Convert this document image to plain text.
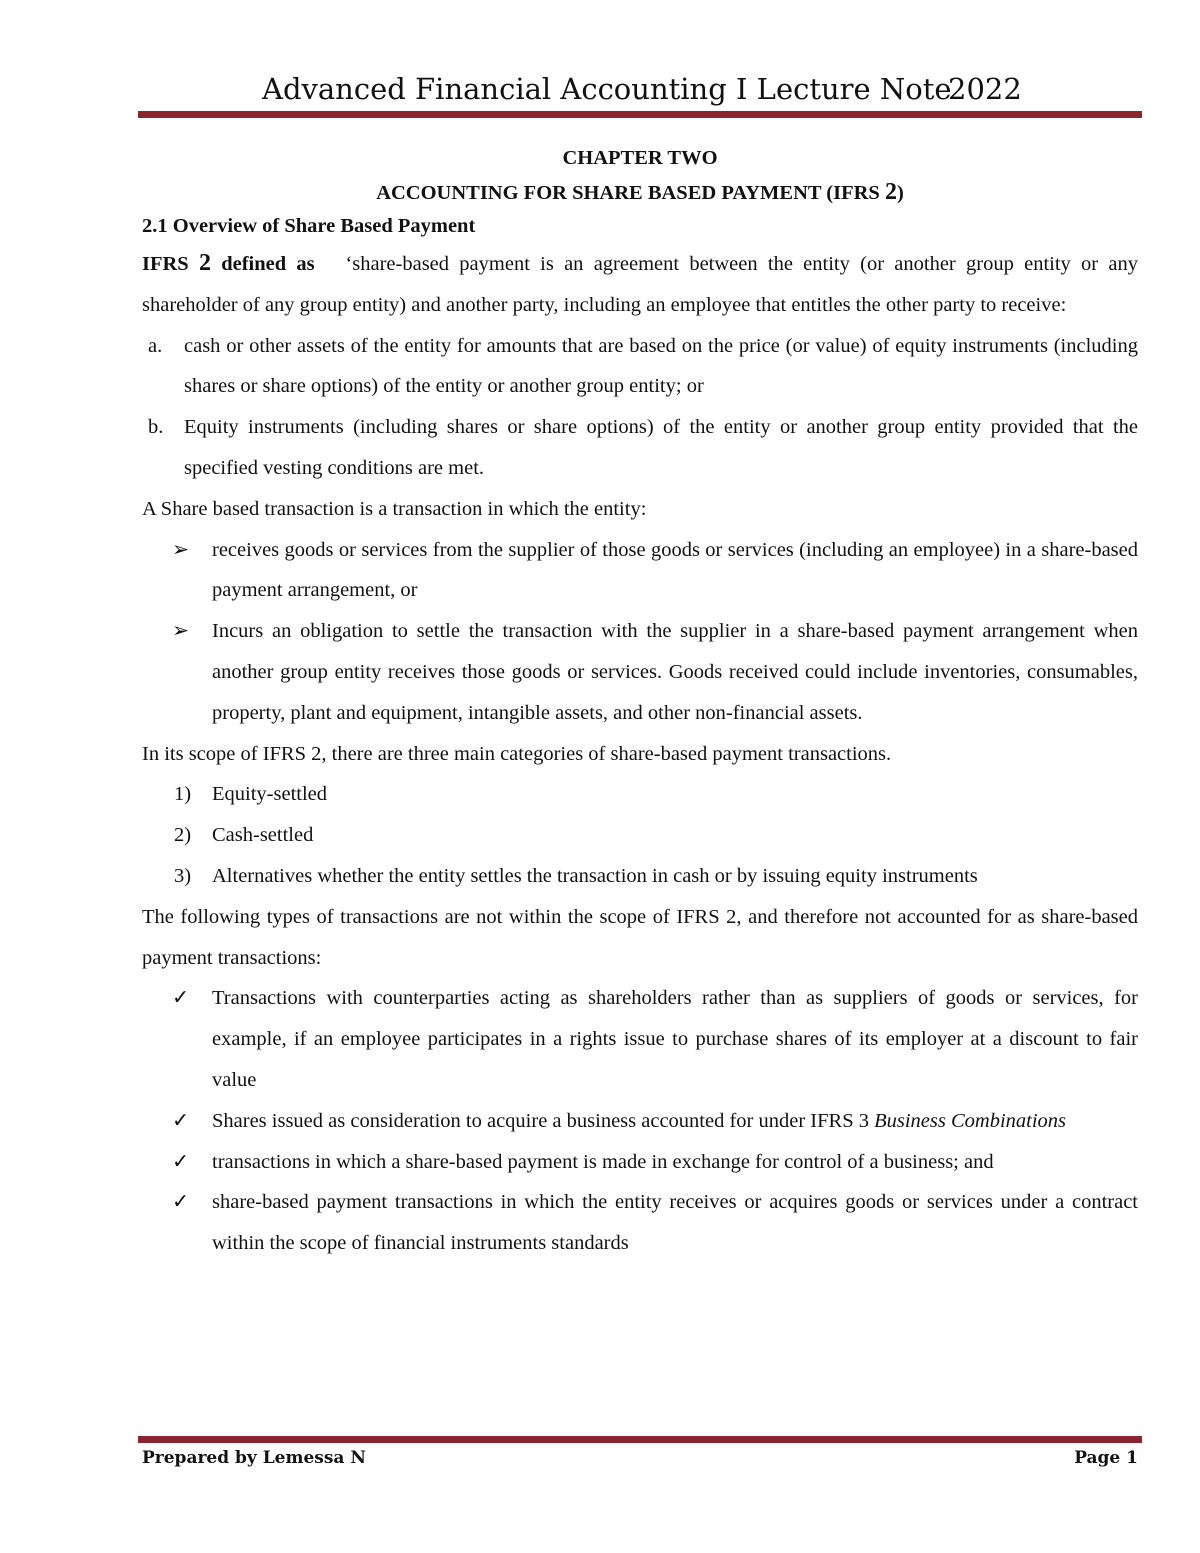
Advanced Financial Accounting I Lecture Note
2022
CHAPTER TWO
ACCOUNTING FOR SHARE BASED PAYMENT (IFRS 2)
2.1 Overview of Share Based Payment

IFRS 2 defined as ‘share-based payment is an agreement between the entity (or another group entity or any shareholder of any group entity) and another party, including an employee that entitles the other party to receive:

a. cash or other assets of the entity for amounts that are based on the price (or value) of equity instruments (including shares or share options) of the entity or another group entity; or
b. Equity instruments (including shares or share options) of the entity or another group entity provided that the specified vesting conditions are met.

A Share based transaction is a transaction in which the entity:

➢ receives goods or services from the supplier of those goods or services (including an employee) in a share-based payment arrangement, or
➢ Incurs an obligation to settle the transaction with the supplier in a share-based payment arrangement when another group entity receives those goods or services. Goods received could include inventories, consumables, property, plant and equipment, intangible assets, and other non-financial assets.

In its scope of IFRS 2, there are three main categories of share-based payment transactions.

1) Equity-settled
2) Cash-settled
3) Alternatives whether the entity settles the transaction in cash or by issuing equity instruments

The following types of transactions are not within the scope of IFRS 2, and therefore not accounted for as share-based payment transactions:

✓ Transactions with counterparties acting as shareholders rather than as suppliers of goods or services, for example, if an employee participates in a rights issue to purchase shares of its employer at a discount to fair value
✓ Shares issued as consideration to acquire a business accounted for under IFRS 3 Business Combinations
✓ transactions in which a share-based payment is made in exchange for control of a business; and
✓ share-based payment transactions in which the entity receives or acquires goods or services under a contract within the scope of financial instruments standards
Prepared by Lemessa N	Page 1
